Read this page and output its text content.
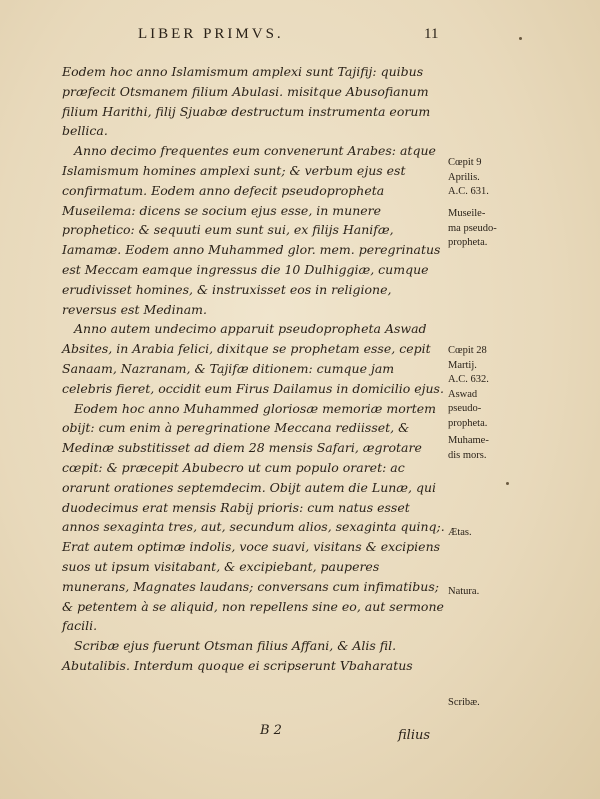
LIBER PRIMVS.	11

Eodem hoc anno Islamismum amplexi sunt Tajifij: quibus præfecit Otsmanem filium Abulasi. misitque Abusofianum filium Harithi, filij Sjuabæ destructum instrumenta eorum bellica.

Anno decimo frequentes eum convenerunt Arabes: atque Islamismum homines amplexi sunt; & verbum ejus est confirmatum. Eodem anno defecit pseudopropheta Museilema: dicens se socium ejus esse, in munere prophetico: & sequuti eum sunt sui, ex filijs Hanifæ, Iamamæ. Eodem anno Muhammed glor. mem. peregrinatus est Meccam eamque ingressus die 10 Dulhiggiæ, cumque erudivisset homines, & instruxisset eos in religione, reversus est Medinam.

Anno autem undecimo apparuit pseudopropheta Aswad Absites, in Arabia felici, dixitque se prophetam esse, cepit Sanaam, Nazranam, & Tajifæ ditionem: cumque jam celebris fieret, occidit eum Firus Dailamus in domicilio ejus.

Eodem hoc anno Muhammed gloriosæ memoriæ mortem obijt: cum enim à peregrinatione Meccana rediisset, & Medinæ substitisset ad diem 28 mensis Safari, ægrotare cœpit: & præcepit Abubecro ut cum populo oraret: ac orarunt orationes septemdecim. Obijt autem die Lunæ, qui duodecimus erat mensis Rabij prioris: cum natus esset annos sexaginta tres, aut, secundum alios, sexaginta quinq;. Erat autem optimæ indolis, voce suavi, visitans & excipiens suos ut ipsum visitabant, & excipiebant, pauperes munerans, Magnates laudans; conversans cum infimatibus; & petentem à se aliquid, non repellens sine eo, aut sermone facili.

Scribæ ejus fuerunt Otsman filius Affani, & Alis fil. Abutalibis. Interdum quoque ei scripserunt Vbaharatus

Cœpit 9
Aprilis.
A.C. 631.
Museile-
ma pseudo-
propheta.
Cœpit 28
Martij.
A.C. 632.
Aswad
pseudo-
propheta.
Muhame-
dis mors.
Ætas.
Natura.
Scribæ.
B 2	filius
